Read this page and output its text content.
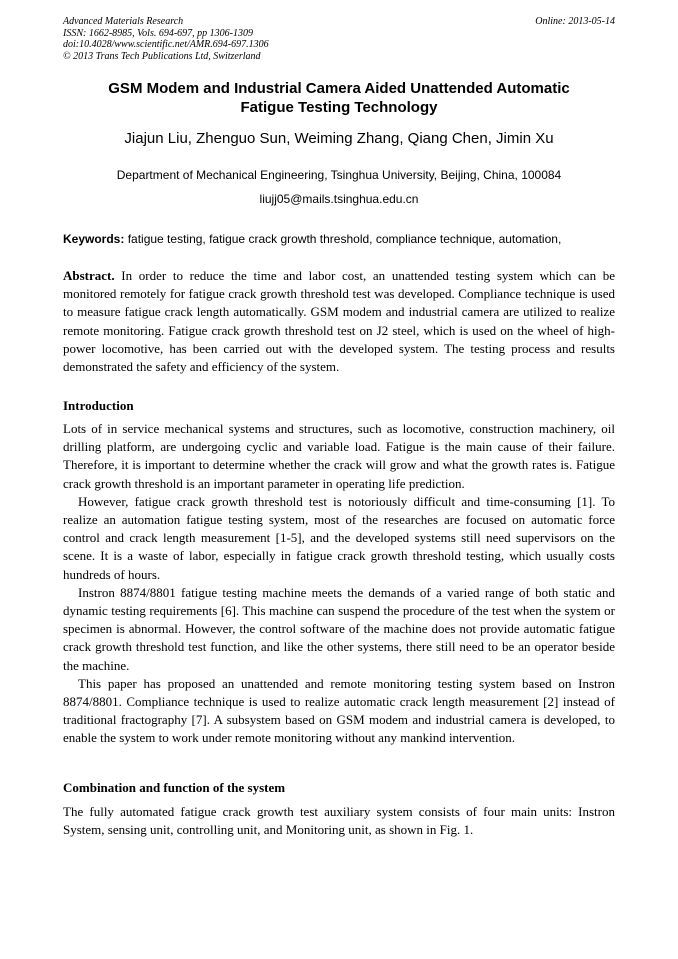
Advanced Materials Research
ISSN: 1662-8985, Vols. 694-697, pp 1306-1309
doi:10.4028/www.scientific.net/AMR.694-697.1306
© 2013 Trans Tech Publications Ltd, Switzerland
Online: 2013-05-14
GSM Modem and Industrial Camera Aided Unattended Automatic
Fatigue Testing Technology
Jiajun Liu, Zhenguo Sun, Weiming Zhang, Qiang Chen, Jimin Xu
Department of Mechanical Engineering, Tsinghua University, Beijing, China, 100084
liujj05@mails.tsinghua.edu.cn
Keywords: fatigue testing, fatigue crack growth threshold, compliance technique, automation,

Abstract. In order to reduce the time and labor cost, an unattended testing system which can be monitored remotely for fatigue crack growth threshold test was developed. Compliance technique is used to measure fatigue crack length automatically. GSM modem and industrial camera are utilized to realize remote monitoring. Fatigue crack growth threshold test on J2 steel, which is used on the wheel of high-power locomotive, has been carried out with the developed system. The testing process and results demonstrated the safety and efficiency of the system.

Introduction

Lots of in service mechanical systems and structures, such as locomotive, construction machinery, oil drilling platform, are undergoing cyclic and variable load. Fatigue is the main cause of their failure. Therefore, it is important to determine whether the crack will grow and what the growth rates is. Fatigue crack growth threshold is an important parameter in operating life prediction.

However, fatigue crack growth threshold test is notoriously difficult and time-consuming [1]. To realize an automation fatigue testing system, most of the researches are focused on automatic force control and crack length measurement [1-5], and the developed systems still need supervisors on the scene. It is a waste of labor, especially in fatigue crack growth threshold testing, which usually costs hundreds of hours.

Instron 8874/8801 fatigue testing machine meets the demands of a varied range of both static and dynamic testing requirements [6]. This machine can suspend the procedure of the test when the system or specimen is abnormal. However, the control software of the machine does not provide automatic fatigue crack growth threshold test function, and like the other systems, there still need to be an operator beside the machine.

This paper has proposed an unattended and remote monitoring testing system based on Instron 8874/8801. Compliance technique is used to realize automatic crack length measurement [2] instead of traditional fractography [7]. A subsystem based on GSM modem and industrial camera is developed, to enable the system to work under remote monitoring without any mankind intervention.

Combination and function of the system

The fully automated fatigue crack growth test auxiliary system consists of four main units: Instron System, sensing unit, controlling unit, and Monitoring unit, as shown in Fig. 1.
